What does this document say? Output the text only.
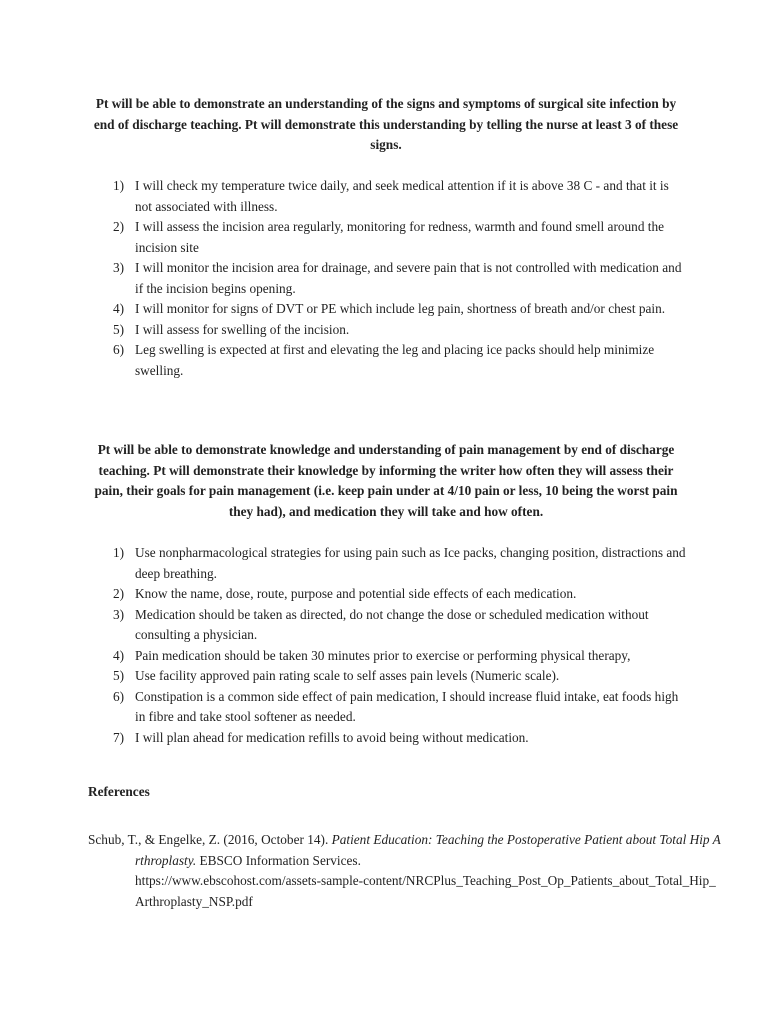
Pt will be able to demonstrate an understanding of the signs and symptoms of surgical site infection by end of discharge teaching. Pt will demonstrate this understanding by telling the nurse at least 3 of these signs.
1) I will check my temperature twice daily, and seek medical attention if it is above 38 C - and that it is not associated with illness.
2) I will assess the incision area regularly, monitoring for redness, warmth and found smell around the incision site
3) I will monitor the incision area for drainage, and severe pain that is not controlled with medication and if the incision begins opening.
4) I will monitor for signs of DVT or PE which include leg pain, shortness of breath and/or chest pain.
5) I will assess for swelling of the incision.
6) Leg swelling is expected at first and elevating the leg and placing ice packs should help minimize swelling.
Pt will be able to demonstrate knowledge and understanding of pain management by end of discharge teaching. Pt will demonstrate their knowledge by informing the writer how often they will assess their pain, their goals for pain management (i.e. keep pain under at 4/10 pain or less, 10 being the worst pain they had), and medication they will take and how often.
1) Use nonpharmacological strategies for using pain such as Ice packs, changing position, distractions and deep breathing.
2) Know the name, dose, route, purpose and potential side effects of each medication.
3) Medication should be taken as directed, do not change the dose or scheduled medication without consulting a physician.
4) Pain medication should be taken 30 minutes prior to exercise or performing physical therapy,
5) Use facility approved pain rating scale to self asses pain levels (Numeric scale).
6) Constipation is a common side effect of pain medication, I should increase fluid intake, eat foods high in fibre and take stool softener as needed.
7) I will plan ahead for medication refills to avoid being without medication.
References
Schub, T., & Engelke, Z. (2016, October 14). Patient Education: Teaching the Postoperative Patient about Total Hip Arthroplasty. EBSCO Information Services.
https://www.ebscohost.com/assets-sample-content/NRCPlus_Teaching_Post_Op_Patients_about_Total_Hip_Arthroplasty_NSP.pdf
